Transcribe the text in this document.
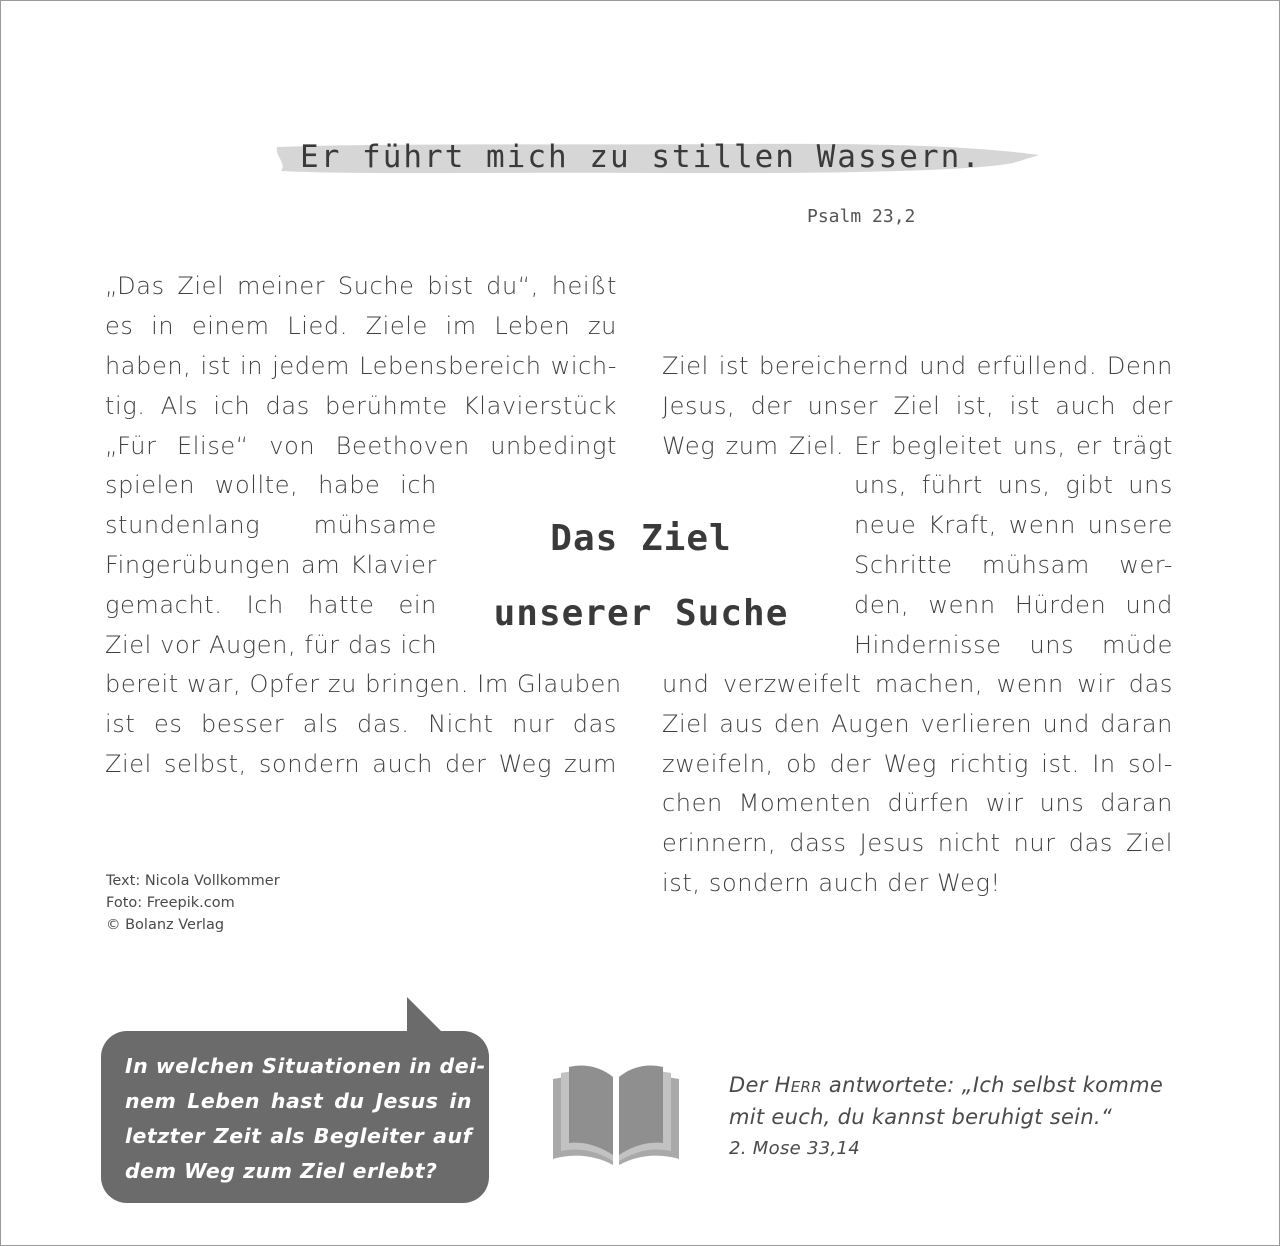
Er führt mich zu stillen Wassern.
Psalm 23,2
„Das Ziel meiner Suche bist du“, heißt
es in einem Lied. Ziele im Leben zu
haben, ist in jedem Lebensbereich wich-
tig. Als ich das berühmte Klavierstück
„Für Elise“ von Beethoven unbedingt
spielen wollte, habe ich
stundenlang mühsame
Fingerübungen am Klavier
gemacht. Ich hatte ein
Ziel vor Augen, für das ich
bereit war, Opfer zu bringen. Im Glauben
ist es besser als das. Nicht nur das
Ziel selbst, sondern auch der Weg zum
Das Ziel
unserer Suche
Ziel ist bereichernd und erfüllend. Denn
Jesus, der unser Ziel ist, ist auch der
Weg zum Ziel. Er begleitet uns, er trägt
uns, führt uns, gibt uns
neue Kraft, wenn unsere
Schritte mühsam wer-
den, wenn Hürden und
Hindernisse uns müde
und verzweifelt machen, wenn wir das
Ziel aus den Augen verlieren und daran
zweifeln, ob der Weg richtig ist. In sol-
chen Momenten dürfen wir uns daran
erinnern, dass Jesus nicht nur das Ziel
ist, sondern auch der Weg!
Text: Nicola Vollkommer
Foto: Freepik.com
© Bolanz Verlag
In welchen Situationen in dei-
nem Leben hast du Jesus in
letzter Zeit als Begleiter auf
dem Weg zum Ziel erlebt?
Der Herr antwortete: „Ich selbst komme
mit euch, du kannst beruhigt sein.“
2. Mose 33,14
